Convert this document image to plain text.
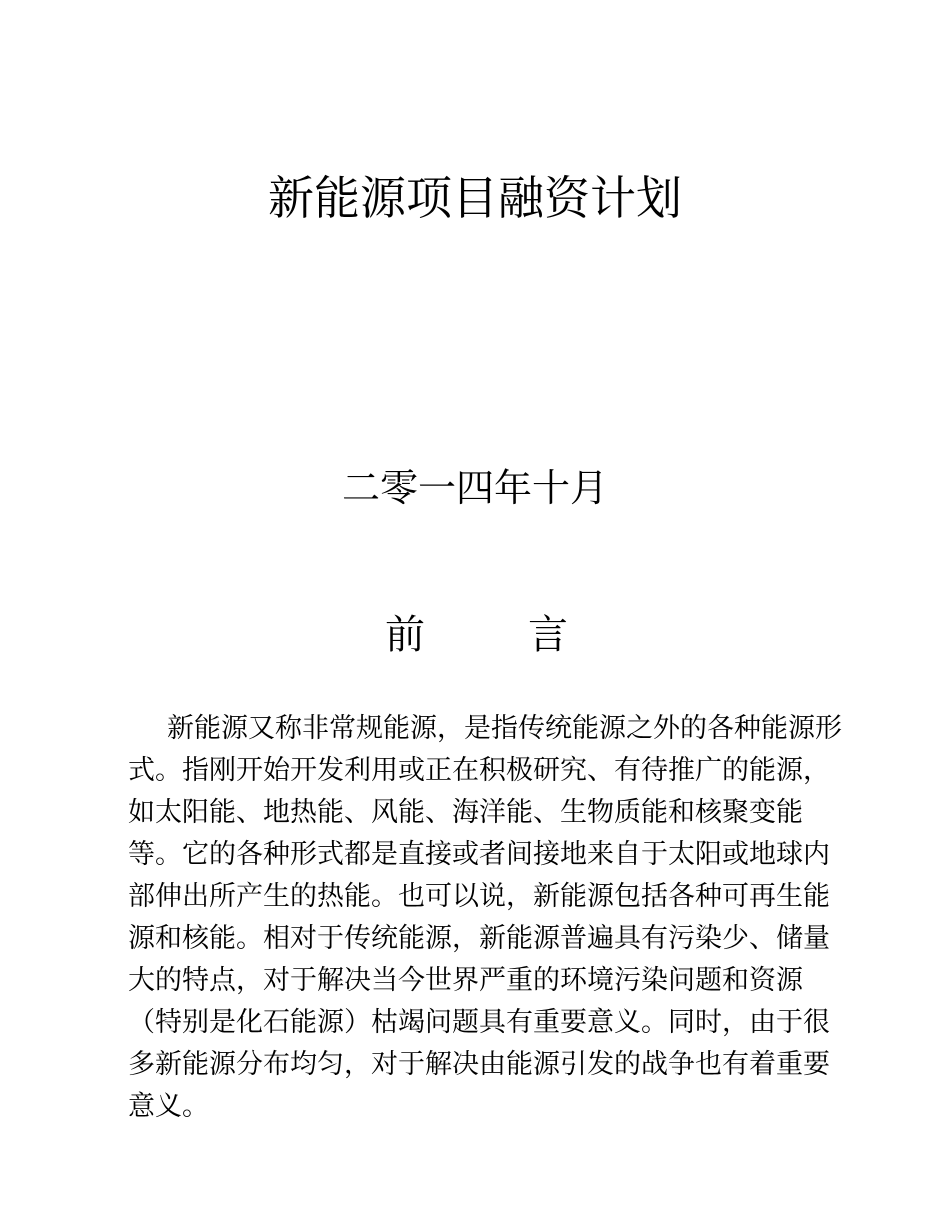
新能源项目融资计划
二零一四年十月
前	言
　新能源又称非常规能源，是指传统能源之外的各种能源形
式。指刚开始开发利用或正在积极研究、有待推广的能源，
如太阳能、地热能、风能、海洋能、生物质能和核聚变能
等。它的各种形式都是直接或者间接地来自于太阳或地球内
部伸出所产生的热能。也可以说，新能源包括各种可再生能
源和核能。相对于传统能源，新能源普遍具有污染少、储量
大的特点，对于解决当今世界严重的环境污染问题和资源
（特别是化石能源）枯竭问题具有重要意义。同时，由于很
多新能源分布均匀，对于解决由能源引发的战争也有着重要
意义。
